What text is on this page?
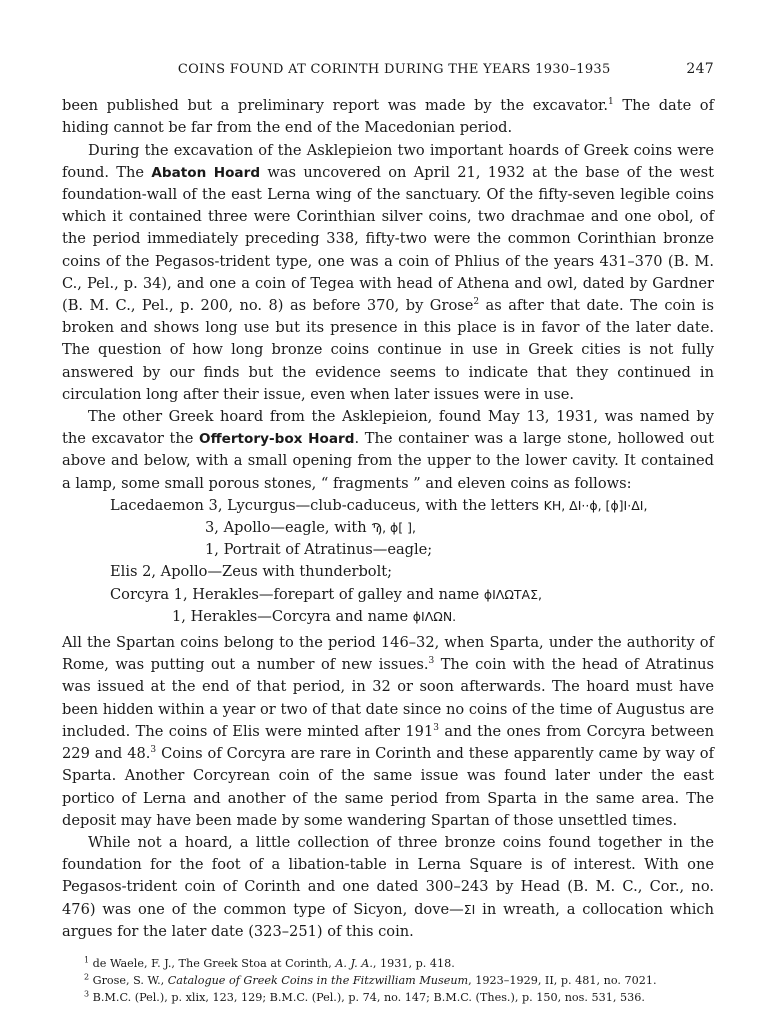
COINS FOUND AT CORINTH DURING THE YEARS 1930–1935	247

been published but a preliminary report was made by the excavator.$^1$ The date of hiding cannot be far from the end of the Macedonian period.

During the excavation of the Asklepieion two important hoards of Greek coins were found. The Abaton Hoard was uncovered on April 21, 1932 at the base of the west foundation-wall of the east Lerna wing of the sanctuary. Of the fifty-seven legible coins which it contained three were Corinthian silver coins, two drachmae and one obol, of the period immediately preceding 338, fifty-two were the common Corinthian bronze coins of the Pegasos-trident type, one was a coin of Phlius of the years 431–370 (B. M. C., Pel., p. 34), and one a coin of Tegea with head of Athena and owl, dated by Gardner (B. M. C., Pel., p. 200, no. 8) as before 370, by Grose$^2$ as after that date. The coin is broken and shows long use but its presence in this place is in favor of the later date. The question of how long bronze coins continue in use in Greek cities is not fully answered by our finds but the evidence seems to indicate that they continued in circulation long after their issue, even when later issues were in use.

The other Greek hoard from the Asklepieion, found May 13, 1931, was named by the excavator the Offertory-box Hoard. The container was a large stone, hollowed out above and below, with a small opening from the upper to the lower cavity. It contained a lamp, some small porous stones, “ fragments ” and eleven coins as follows:

Lacedaemon 3, Lycurgus—club-caduceus, with the letters ΚΗ, ΔΙ··ϕ, [ϕ]Ι·ΔΙ,
3, Apollo—eagle, with Ϡ, ϕ[ ],
1, Portrait of Atratinus—eagle;
Elis 2, Apollo—Zeus with thunderbolt;
Corcyra 1, Herakles—forepart of galley and name ϕΙΛΩΤΑΣ,
1, Herakles—Corcyra and name ϕΙΛΩΝ.

All the Spartan coins belong to the period 146–32, when Sparta, under the authority of Rome, was putting out a number of new issues.$^3$ The coin with the head of Atratinus was issued at the end of that period, in 32 or soon afterwards. The hoard must have been hidden within a year or two of that date since no coins of the time of Augustus are included. The coins of Elis were minted after $191^3$ and the ones from Corcyra between 229 and 48.$^3$ Coins of Corcyra are rare in Corinth and these apparently came by way of Sparta. Another Corcyrean coin of the same issue was found later under the east portico of Lerna and another of the same period from Sparta in the same area. The deposit may have been made by some wandering Spartan of those unsettled times.

While not a hoard, a little collection of three bronze coins found together in the foundation for the foot of a libation-table in Lerna Square is of interest. With one Pegasos-trident coin of Corinth and one dated 300–243 by Head (B. M. C., Cor., no. 476) was one of the common type of Sicyon, dove—ΣΙ in wreath, a collocation which argues for the later date (323–251) of this coin.

$^1$ de Waele, F. J., The Greek Stoa at Corinth, A. J. A., 1931, p. 418.
$^2$ Grose, S. W., Catalogue of Greek Coins in the Fitzwilliam Museum, 1923–1929, II, p. 481, no. 7021.
$^3$ B.M.C. (Pel.), p. xlix, 123, 129; B.M.C. (Pel.), p. 74, no. 147; B.M.C. (Thes.), p. 150, nos. 531, 536.
